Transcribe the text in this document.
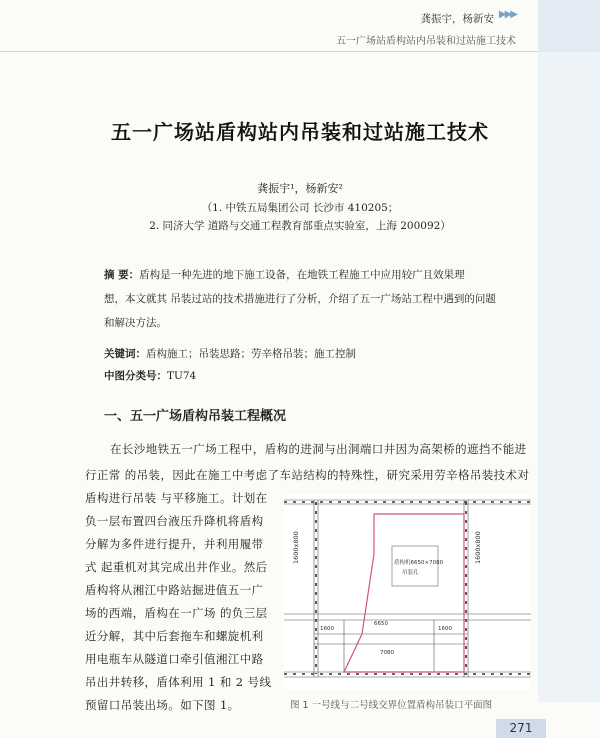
龚振宇，杨新安 ▶▶▶
五一广场站盾构站内吊装和过站施工技术
五一广场站盾构站内吊装和过站施工技术
龚振宇¹，杨新安²
（1. 中铁五局集团公司 长沙市 410205；
2. 同济大学 道路与交通工程教育部重点实验室，上海 200092）
摘 要：盾构是一种先进的地下施工设备，在地铁工程施工中应用较广且效果理
想，本文就其 吊装过站的技术措施进行了分析，介绍了五一广场站工程中遇到的问题
和解决方法。
关键词：盾构施工；吊装思路；劳辛格吊装；施工控制
中图分类号：TU74
一、五一广场盾构吊装工程概况
在长沙地铁五一广场工程中，盾构的进洞与出洞端口井因为高架桥的遮挡不能进
行正常 的吊装，因此在施工中考虑了车站结构的特殊性，研究采用劳辛格吊装技术对
盾构进行吊装 与平移施工。计划在
负一层布置四台液压升降机将盾构
分解为多件进行提升，并利用履带
式 起重机对其完成出井作业。然后
盾构将从湘江中路站掘进值五一广
场的西端，盾构在一广场 的负三层
近分解，其中后套拖车和螺旋机利
用电瓶车从隧道口牵引值湘江中路
吊出井转移，盾体利用 1 和 2 号线
预留口吊装出场。如下图 1。
1600x800	1600x800
盾构机6650×7080
吊装孔
1600
6650
1600
7080
图 1 一号线与二号线交界位置盾构吊装口平面图
271
